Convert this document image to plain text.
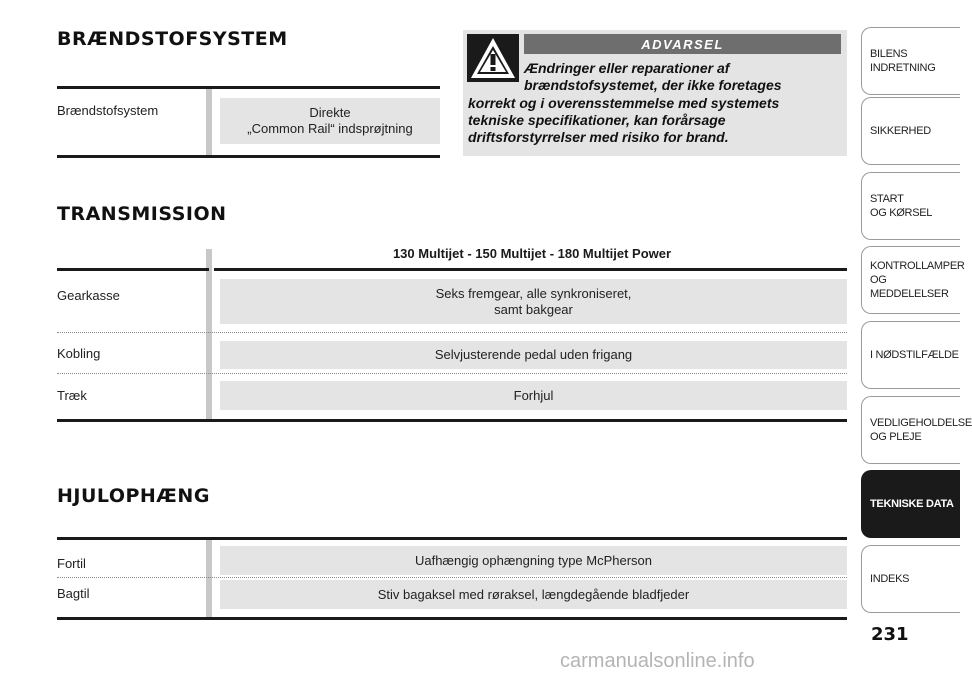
BRÆNDSTOFSYSTEM
Brændstofsystem	Direkte
„Common Rail“ indsprøjtning
ADVARSEL
Ændringer eller reparationer af
brændstofsystemet, der ikke foretages
korrekt og i overensstemmelse med systemets
tekniske specifikationer, kan forårsage
driftsforstyrrelser med risiko for brand.
TRANSMISSION
130 Multijet - 150 Multijet - 180 Multijet Power
Gearkasse	Seks fremgear, alle synkroniseret,
samt bakgear
Kobling	Selvjusterende pedal uden frigang
Træk	Forhjul
HJULOPHÆNG
Fortil	Uafhængig ophængning type McPherson
Bagtil	Stiv bagaksel med røraksel, længdegående bladfjeder
BILENS
INDRETNING
SIKKERHED
START
OG KØRSEL
KONTROLLAMPER
OG MEDDELELSER
I NØDSTILFÆLDE
VEDLIGEHOLDELSE
OG PLEJE
TEKNISKE DATA
INDEKS
231
carmanualsonline.info
